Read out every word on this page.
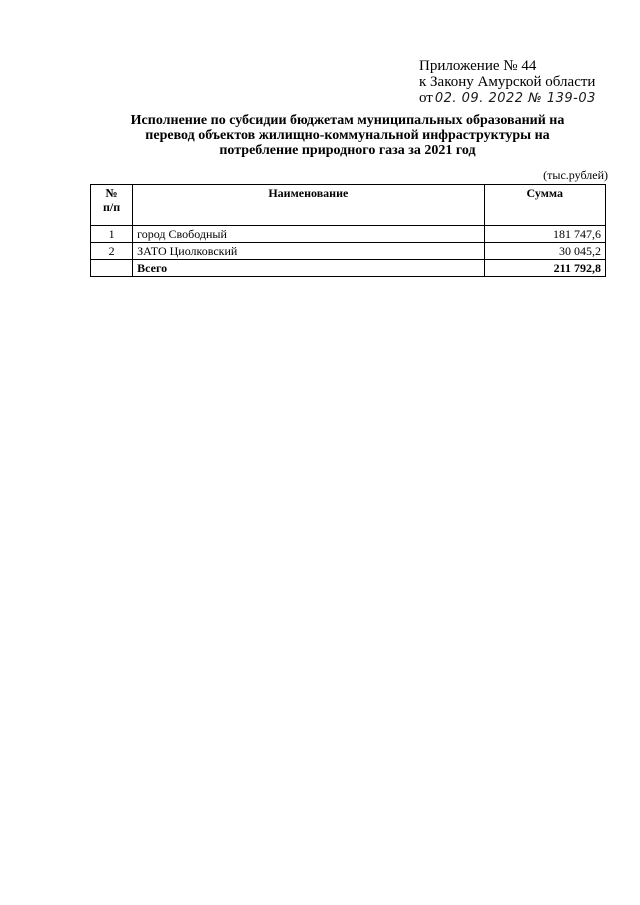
Приложение № 44
к Закону Амурской области
от 02. 09. 2022 № 139-03
Исполнение по субсидии бюджетам муниципальных образований на
перевод объектов жилищно-коммунальной инфраструктуры на
потребление природного газа за 2021 год
(тыс.рублей)
№
п/п	Наименование	Сумма
1	город Свободный	181 747,6
2	ЗАТО Циолковский	30 045,2
	Всего	211 792,8
